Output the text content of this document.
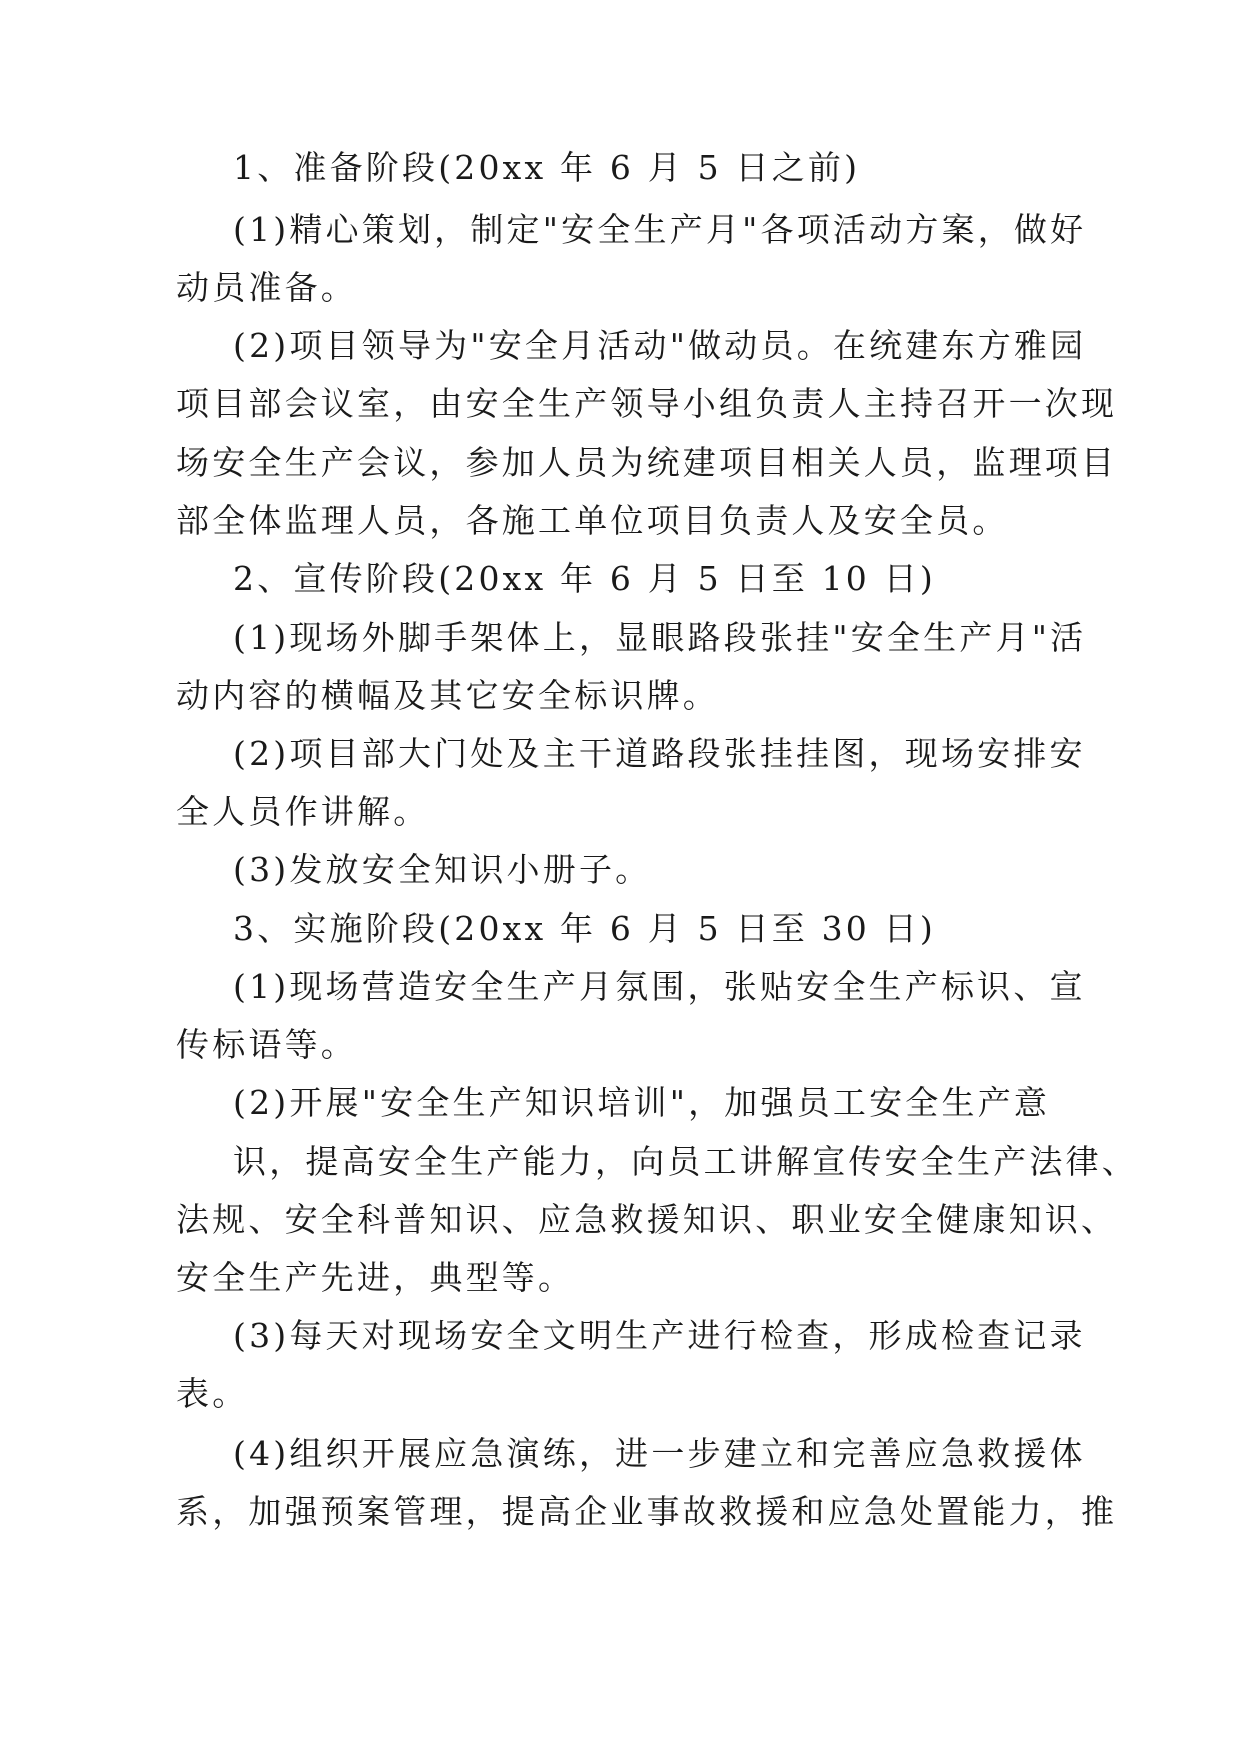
1、准备阶段(20xx 年 6 月 5 日之前)
(1)精心策划，制定"安全生产月"各项活动方案，做好
动员准备。
(2)项目领导为"安全月活动"做动员。在统建东方雅园
项目部会议室，由安全生产领导小组负责人主持召开一次现
场安全生产会议，参加人员为统建项目相关人员，监理项目
部全体监理人员，各施工单位项目负责人及安全员。
2、宣传阶段(20xx 年 6 月 5 日至 10 日)
(1)现场外脚手架体上，显眼路段张挂"安全生产月"活
动内容的横幅及其它安全标识牌。
(2)项目部大门处及主干道路段张挂挂图，现场安排安
全人员作讲解。
(3)发放安全知识小册子。
3、实施阶段(20xx 年 6 月 5 日至 30 日)
(1)现场营造安全生产月氛围，张贴安全生产标识、宣
传标语等。
(2)开展"安全生产知识培训"，加强员工安全生产意
识，提高安全生产能力，向员工讲解宣传安全生产法律、
法规、安全科普知识、应急救援知识、职业安全健康知识、
安全生产先进，典型等。
(3)每天对现场安全文明生产进行检查，形成检查记录
表。
(4)组织开展应急演练，进一步建立和完善应急救援体
系，加强预案管理，提高企业事故救援和应急处置能力，推
